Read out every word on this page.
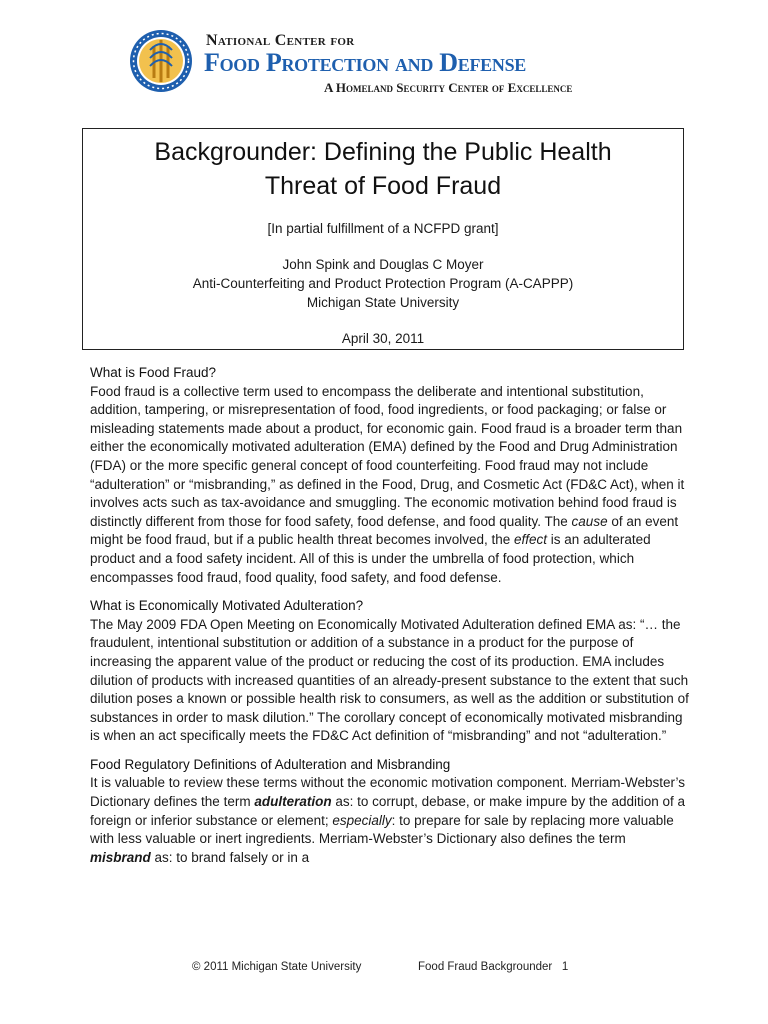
National Center for
Food Protection and Defense
A Homeland Security Center of Excellence
Backgrounder: Defining the Public Health
Threat of Food Fraud
[In partial fulfillment of a NCFPD grant]
John Spink and Douglas C Moyer
Anti-Counterfeiting and Product Protection Program (A-CAPPP)
Michigan State University
April 30, 2011
What is Food Fraud?

Food fraud is a collective term used to encompass the deliberate and intentional substitution, addition, tampering, or misrepresentation of food, food ingredients, or food packaging; or false or misleading statements made about a product, for economic gain. Food fraud is a broader term than either the economically motivated adulteration (EMA) defined by the Food and Drug Administration (FDA) or the more specific general concept of food counterfeiting. Food fraud may not include “adulteration” or “misbranding,” as defined in the Food, Drug, and Cosmetic Act (FD&C Act), when it involves acts such as tax-avoidance and smuggling. The economic motivation behind food fraud is distinctly different from those for food safety, food defense, and food quality. The cause of an event might be food fraud, but if a public health threat becomes involved, the effect is an adulterated product and a food safety incident. All of this is under the umbrella of food protection, which encompasses food fraud, food quality, food safety, and food defense.

What is Economically Motivated Adulteration?

The May 2009 FDA Open Meeting on Economically Motivated Adulteration defined EMA as: “… the fraudulent, intentional substitution or addition of a substance in a product for the purpose of increasing the apparent value of the product or reducing the cost of its production. EMA includes dilution of products with increased quantities of an already-present substance to the extent that such dilution poses a known or possible health risk to consumers, as well as the addition or substitution of substances in order to mask dilution.” The corollary concept of economically motivated misbranding is when an act specifically meets the FD&C Act definition of “misbranding” and not “adulteration.”

Food Regulatory Definitions of Adulteration and Misbranding

It is valuable to review these terms without the economic motivation component. Merriam-Webster’s Dictionary defines the term adulteration as: to corrupt, debase, or make impure by the addition of a foreign or inferior substance or element; especially: to prepare for sale by replacing more valuable with less valuable or inert ingredients. Merriam-Webster’s Dictionary also defines the term misbrand as: to brand falsely or in a

© 2011 Michigan State University	Food Fraud Backgrounder 1
